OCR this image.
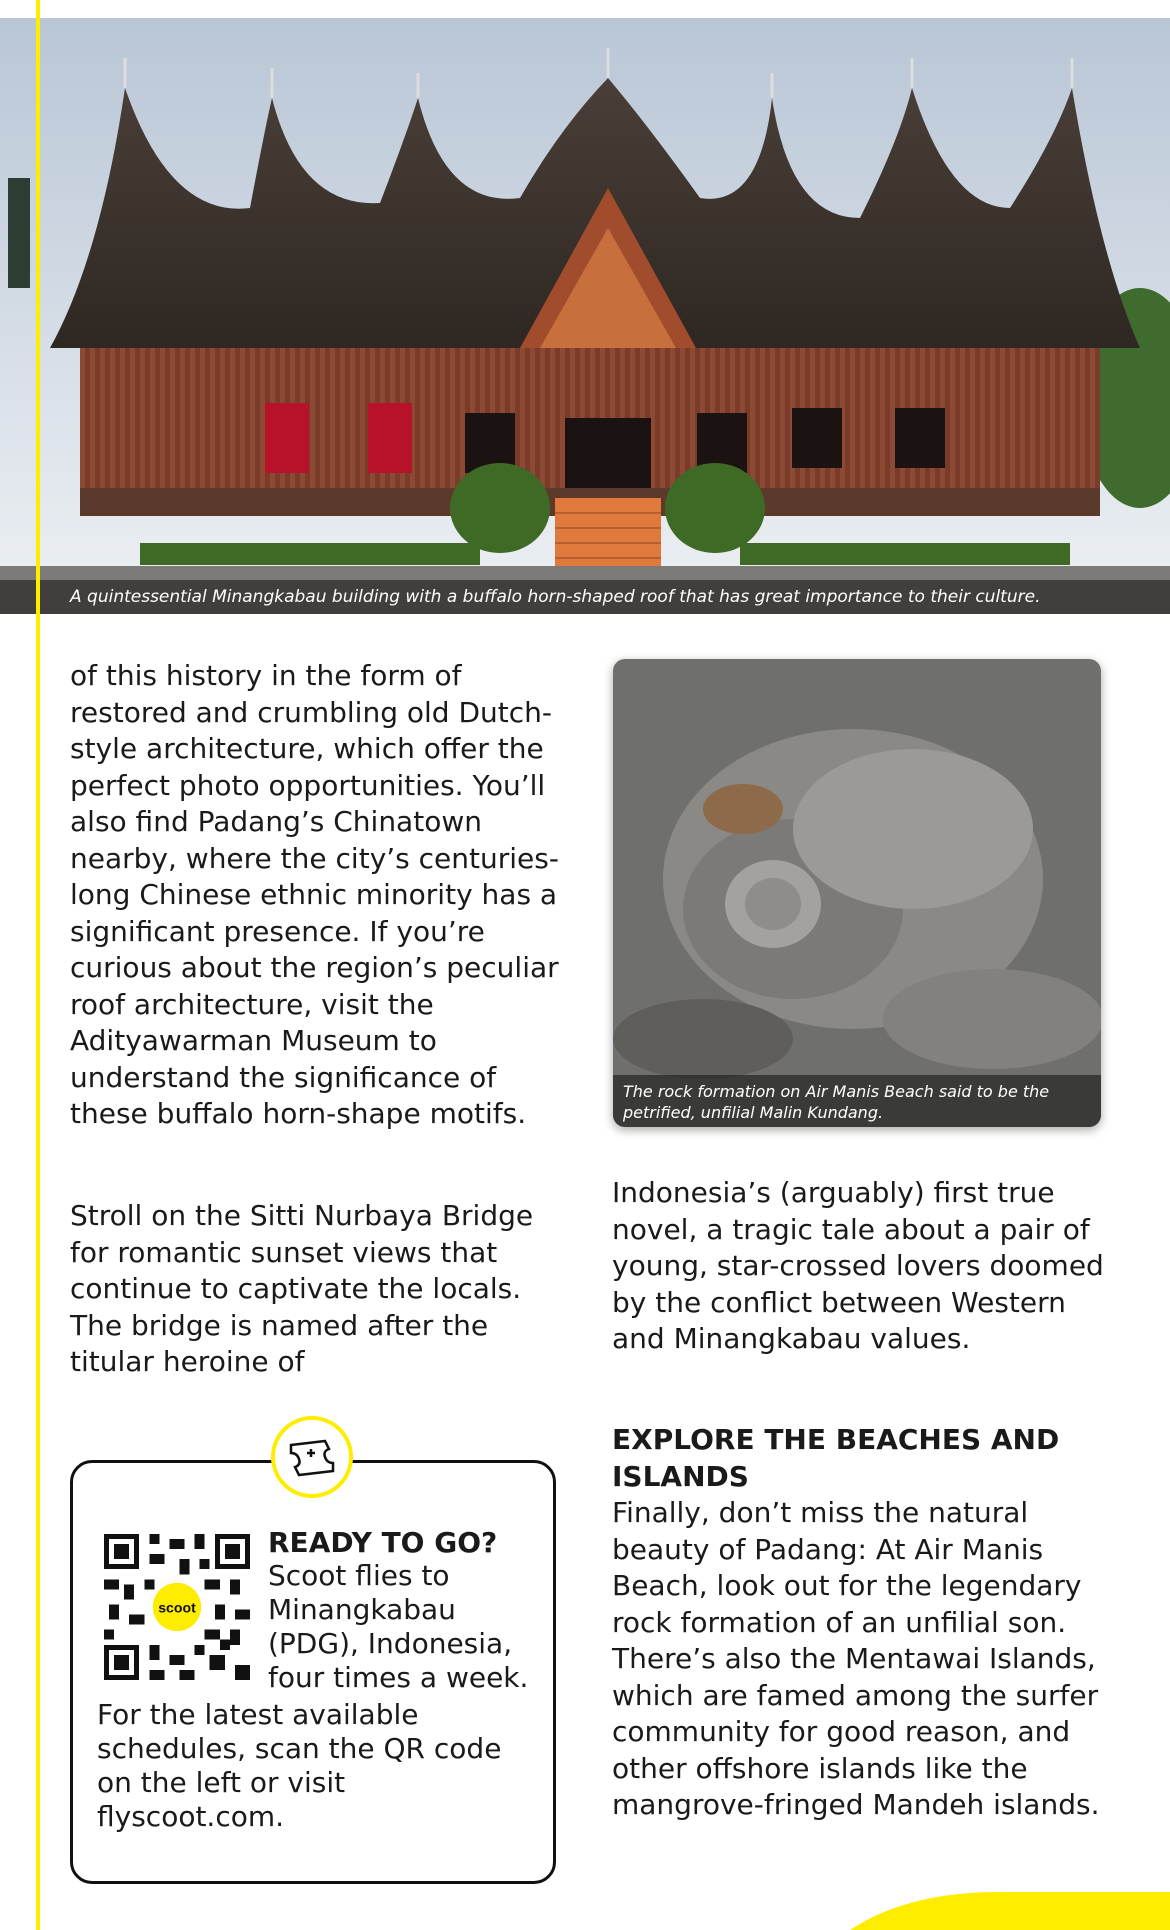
A quintessential Minangkabau building with a buffalo horn-shaped roof that has great importance to their culture.

of this history in the form of restored and crumbling old Dutch-style architecture, which offer the perfect photo opportunities. You’ll also find Padang’s Chinatown nearby, where the city’s centuries-long Chinese ethnic minority has a significant presence. If you’re curious about the region’s peculiar roof architecture, visit the Adityawarman Museum to understand the significance of these buffalo horn-shape motifs.

Stroll on the Sitti Nurbaya Bridge for romantic sunset views that continue to captivate the locals. The bridge is named after the titular heroine of

The rock formation on Air Manis Beach said to be the petrified, unfilial Malin Kundang.

Indonesia’s (arguably) first true novel, a tragic tale about a pair of young, star-crossed lovers doomed by the conflict between Western and Minangkabau values.

EXPLORE THE BEACHES AND ISLANDS

Finally, don’t miss the natural beauty of Padang: At Air Manis Beach, look out for the legendary rock formation of an unfilial son. There’s also the Mentawai Islands, which are famed among the surfer community for good reason, and other offshore islands like the mangrove-fringed Mandeh islands.

scoot
READY TO GO?
Scoot flies to Minangkabau (PDG), Indonesia, four times a week.
For the latest available schedules, scan the QR code on the left or visit flyscoot.com.
